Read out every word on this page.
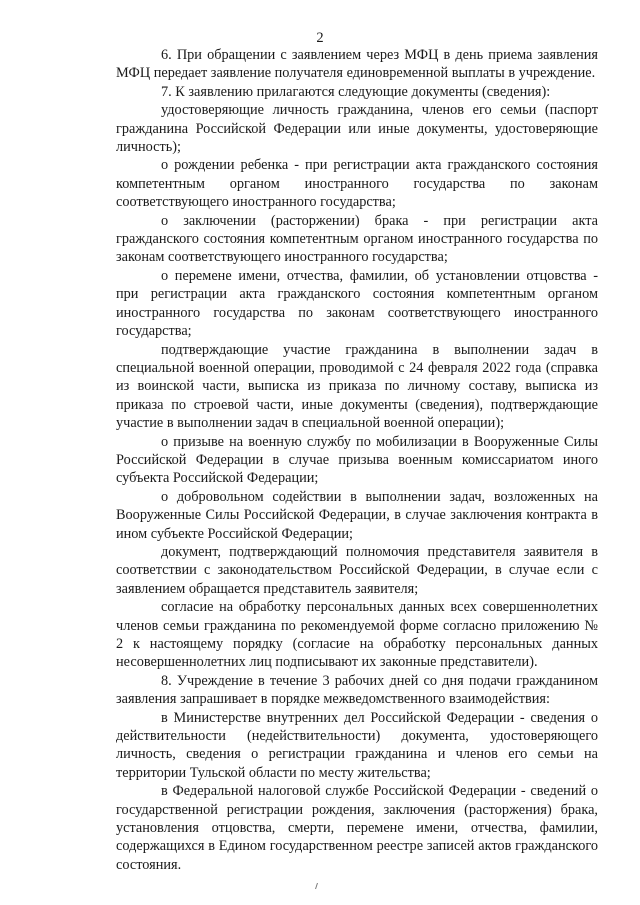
2

6. При обращении с заявлением через МФЦ в день приема заявления МФЦ передает заявление получателя единовременной выплаты в учреждение.

7. К заявлению прилагаются следующие документы (сведения):

удостоверяющие личность гражданина, членов его семьи (паспорт гражданина Российской Федерации или иные документы, удостоверяющие личность);

о рождении ребенка - при регистрации акта гражданского состояния компетентным органом иностранного государства по законам соответствующего иностранного государства;

о заключении (расторжении) брака - при регистрации акта гражданского состояния компетентным органом иностранного государства по законам соответствующего иностранного государства;

о перемене имени, отчества, фамилии, об установлении отцовства - при регистрации акта гражданского состояния компетентным органом иностранного государства по законам соответствующего иностранного государства;

подтверждающие участие гражданина в выполнении задач в специальной военной операции, проводимой с 24 февраля 2022 года (справка из воинской части, выписка из приказа по личному составу, выписка из приказа по строевой части, иные документы (сведения), подтверждающие участие в выполнении задач в специальной военной операции);

о призыве на военную службу по мобилизации в Вооруженные Силы Российской Федерации в случае призыва военным комиссариатом иного субъекта Российской Федерации;

о добровольном содействии в выполнении задач, возложенных на Вооруженные Силы Российской Федерации, в случае заключения контракта в ином субъекте Российской Федерации;

документ, подтверждающий полномочия представителя заявителя в соответствии с законодательством Российской Федерации, в случае если с заявлением обращается представитель заявителя;

согласие на обработку персональных данных всех совершеннолетних членов семьи гражданина по рекомендуемой форме согласно приложению № 2 к настоящему порядку (согласие на обработку персональных данных несовершеннолетних лиц подписывают их законные представители).

8. Учреждение в течение 3 рабочих дней со дня подачи гражданином заявления запрашивает в порядке межведомственного взаимодействия:

в Министерстве внутренних дел Российской Федерации - сведения о действительности (недействительности) документа, удостоверяющего личность, сведения о регистрации гражданина и членов его семьи на территории Тульской области по месту жительства;

в Федеральной налоговой службе Российской Федерации - сведений о государственной регистрации рождения, заключения (расторжения) брака, установления отцовства, смерти, перемене имени, отчества, фамилии, содержащихся в Едином государственном реестре записей актов гражданского состояния.
